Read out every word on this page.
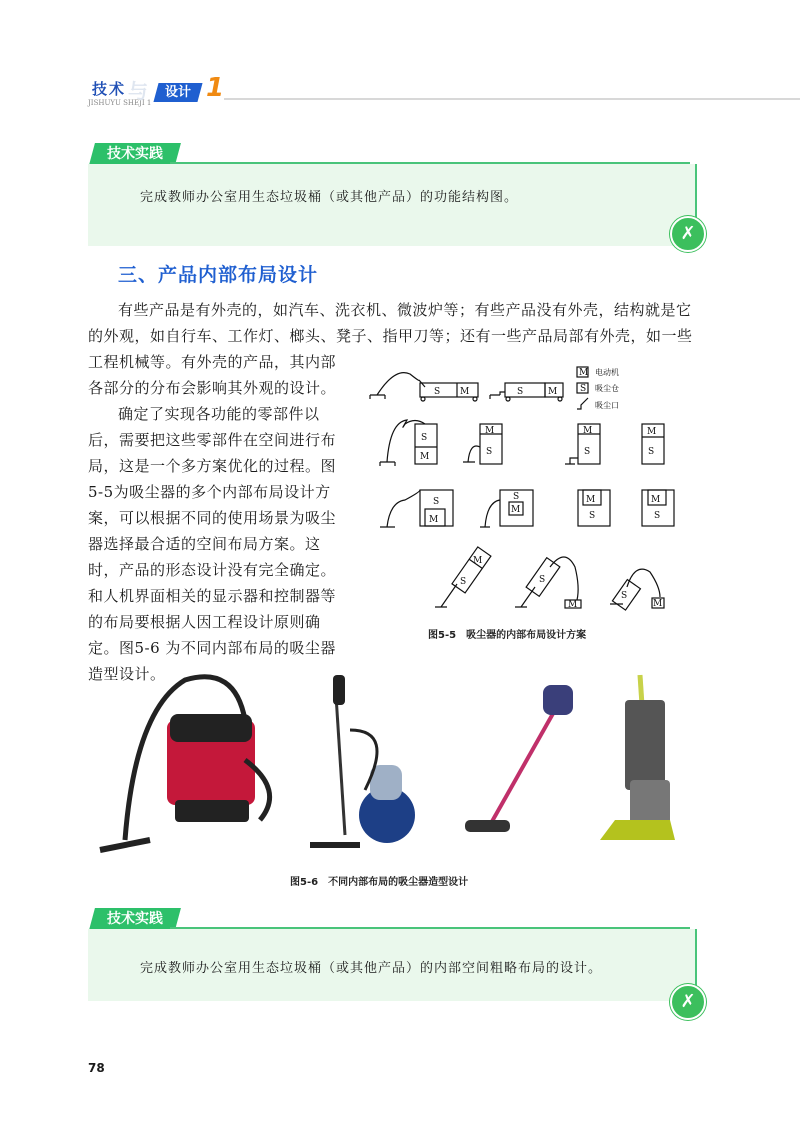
技术
JISHUYU SHEJI 1
与	设计 1
技术实践
完成教师办公室用生态垃圾桶（或其他产品）的功能结构图。
✗
三、产品内部布局设计
有些产品是有外壳的，如汽车、洗衣机、微波炉等；有些产品没有外壳，结构就是它
的外观，如自行车、工作灯、榔头、凳子、指甲刀等；还有一些产品局部有外壳，如一些
工程机械等。有外壳的产品，其内部
各部分的分布会影响其外观的设计。
确定了实现各功能的零部件以
后，需要把这些零部件在空间进行布
局，这是一个多方案优化的过程。图
5-5为吸尘器的多个内部布局设计方
案，可以根据不同的使用场景为吸尘
器选择最合适的空间布局方案。这
时，产品的形态设计没有完全确定。
和人机界面相关的显示器和控制器等
的布局要根据人因工程设计原则确
定。图5-6 为不同内部布局的吸尘器
造型设计。
S M	S	M
M 电动机
S 吸尘仓
吸尘口
S
M
M
S
M
S
M
S
S
M
S
M
M
S
M
S
S
M
S
M
S
M
图5-5　吸尘器的内部布局设计方案
图5-6　不同内部布局的吸尘器造型设计
技术实践
完成教师办公室用生态垃圾桶（或其他产品）的内部空间粗略布局的设计。
✗
78
